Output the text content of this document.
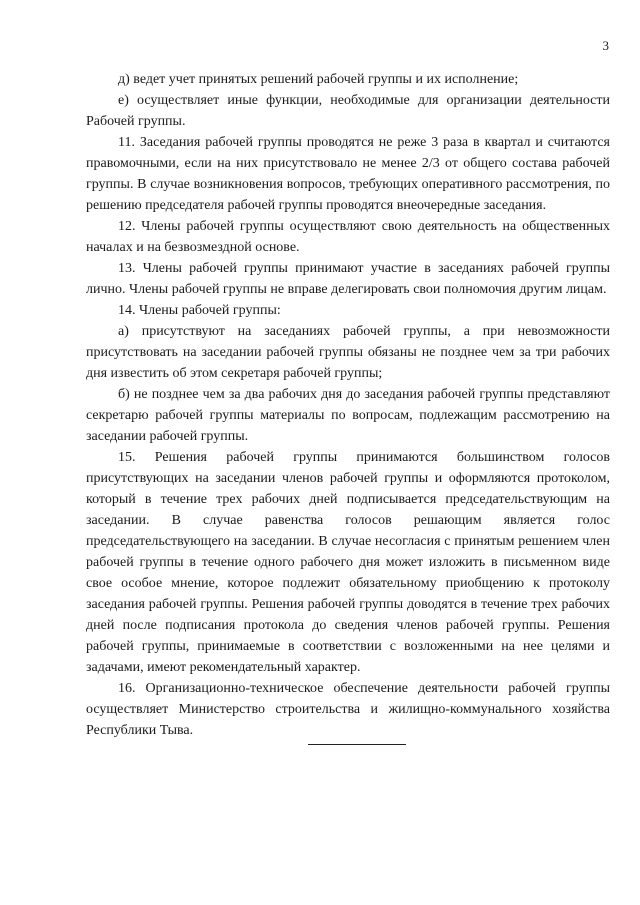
3

д) ведет учет принятых решений рабочей группы и их исполнение;

е) осуществляет иные функции, необходимые для организации деятельности Рабочей группы.

11. Заседания рабочей группы проводятся не реже 3 раза в квартал и считаются правомочными, если на них присутствовало не менее 2/3 от общего состава рабочей группы. В случае возникновения вопросов, требующих оперативного рассмотрения, по решению председателя рабочей группы проводятся внеочередные заседания.

12. Члены рабочей группы осуществляют свою деятельность на общественных началах и на безвозмездной основе.

13. Члены рабочей группы принимают участие в заседаниях рабочей группы лично. Члены рабочей группы не вправе делегировать свои полномочия другим лицам.

14. Члены рабочей группы:

а) присутствуют на заседаниях рабочей группы, а при невозможности присутствовать на заседании рабочей группы обязаны не позднее чем за три рабочих дня известить об этом секретаря рабочей группы;

б) не позднее чем за два рабочих дня до заседания рабочей группы представляют секретарю рабочей группы материалы по вопросам, подлежащим рассмотрению на заседании рабочей группы.

15. Решения рабочей группы принимаются большинством голосов присутствующих на заседании членов рабочей группы и оформляются протоколом, который в течение трех рабочих дней подписывается председательствующим на заседании. В случае равенства голосов решающим является голос председательствующего на заседании. В случае несогласия с принятым решением член рабочей группы в течение одного рабочего дня может изложить в письменном виде свое особое мнение, которое подлежит обязательному приобщению к протоколу заседания рабочей группы. Решения рабочей группы доводятся в течение трех рабочих дней после подписания протокола до сведения членов рабочей группы. Решения рабочей группы, принимаемые в соответствии с возложенными на нее целями и задачами, имеют рекомендательный характер.

16. Организационно-техническое обеспечение деятельности рабочей группы осуществляет Министерство строительства и жилищно-коммунального хозяйства Республики Тыва.
